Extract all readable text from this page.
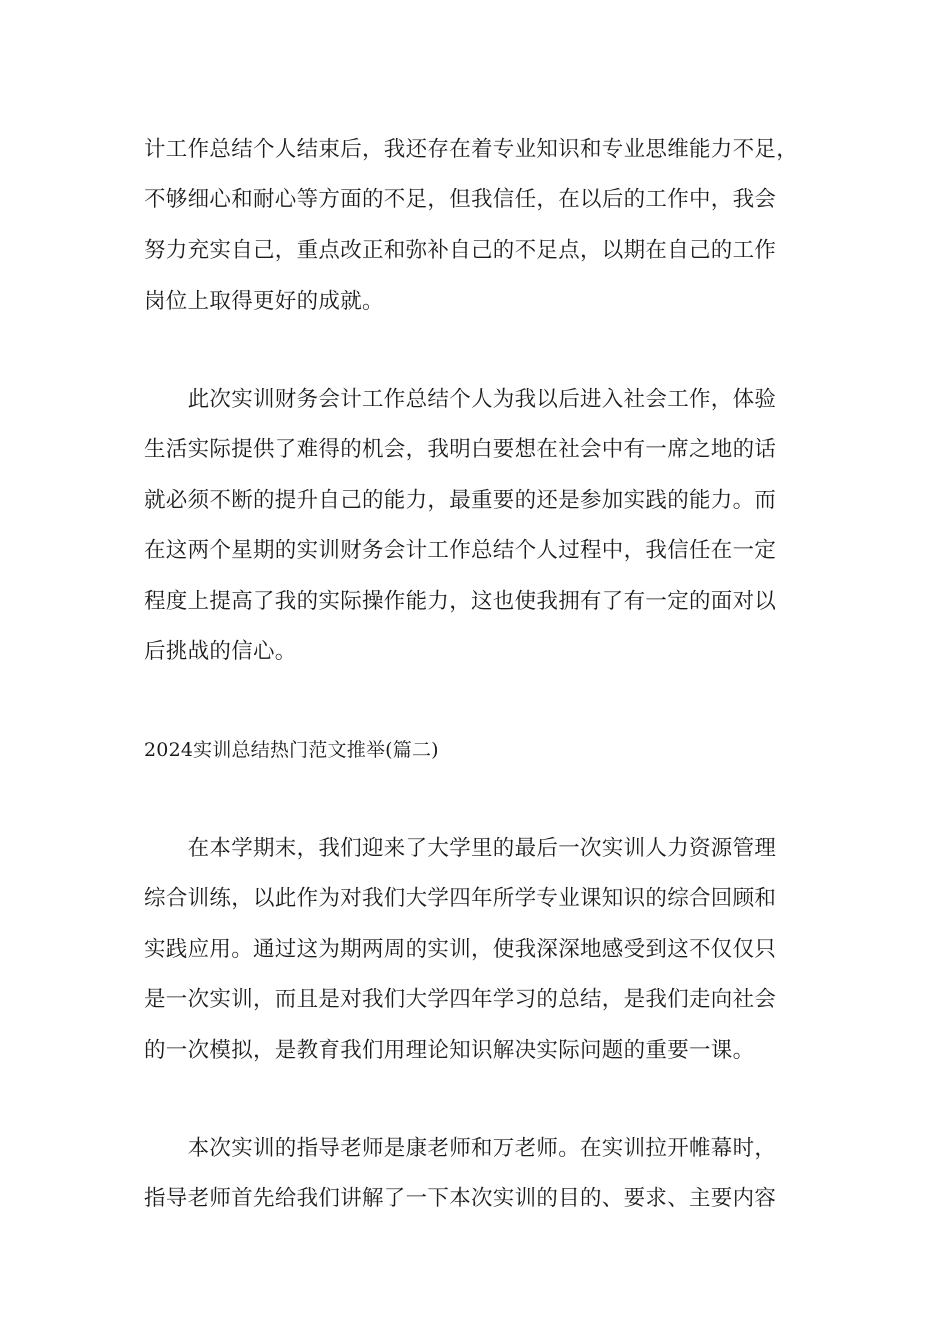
计工作总结个人结束后，我还存在着专业知识和专业思维能力不足，
不够细心和耐心等方面的不足，但我信任，在以后的工作中，我会
努力充实自己，重点改正和弥补自己的不足点，以期在自己的工作
岗位上取得更好的成就。
　　此次实训财务会计工作总结个人为我以后进入社会工作，体验
生活实际提供了难得的机会，我明白要想在社会中有一席之地的话
就必须不断的提升自己的能力，最重要的还是参加实践的能力。而
在这两个星期的实训财务会计工作总结个人过程中，我信任在一定
程度上提高了我的实际操作能力，这也使我拥有了有一定的面对以
后挑战的信心。
2024实训总结热门范文推举(篇二)
　　在本学期末，我们迎来了大学里的最后一次实训人力资源管理
综合训练，以此作为对我们大学四年所学专业课知识的综合回顾和
实践应用。通过这为期两周的实训，使我深深地感受到这不仅仅只
是一次实训，而且是对我们大学四年学习的总结，是我们走向社会
的一次模拟，是教育我们用理论知识解决实际问题的重要一课。
　　本次实训的指导老师是康老师和万老师。在实训拉开帷幕时，
指导老师首先给我们讲解了一下本次实训的目的、要求、主要内容
